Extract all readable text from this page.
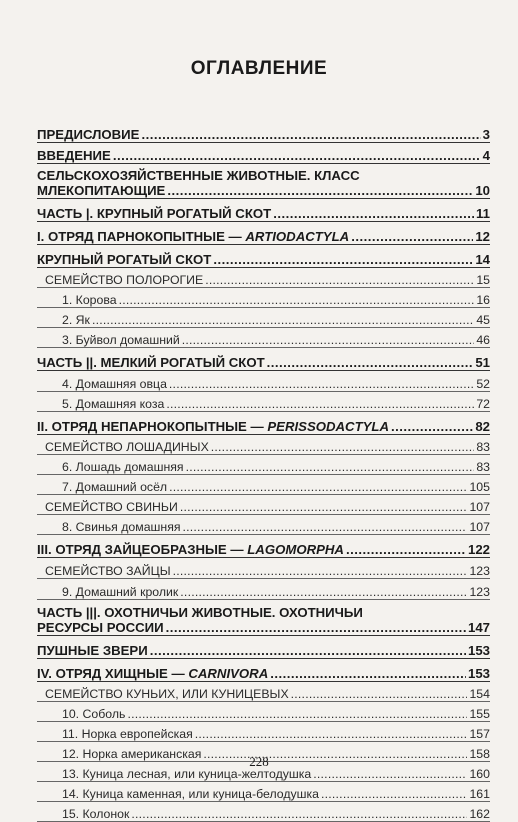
ОГЛАВЛЕНИЕ
ПРЕДИСЛОВИЕ . . .	3
ВВЕДЕНИЕ . . .	4
СЕЛЬСКОХОЗЯЙСТВЕННЫЕ ЖИВОТНЫЕ. КЛАСС
МЛЕКОПИТАЮЩИЕ . . .	10
ЧАСТЬ |. КРУПНЫЙ РОГАТЫЙ СКОТ . . .	11
I. ОТРЯД ПАРНОКОПЫТНЫЕ — ARTIODACTYLA . . .	12
КРУПНЫЙ РОГАТЫЙ СКОТ . . .	14
СЕМЕЙСТВО ПОЛОРОГИЕ . . .	15
1. Корова . . .	16
2. Як . . .	45
3. Буйвол домашний . . .	46
ЧАСТЬ ||. МЕЛКИЙ РОГАТЫЙ СКОТ . . .	51
4. Домашняя овца . . .	52
5. Домашняя коза . . .	72
II. ОТРЯД НЕПАРНОКОПЫТНЫЕ — PERISSODACTYLA . . .	82
СЕМЕЙСТВО ЛОШАДИНЫХ . . .	83
6. Лошадь домашняя . . .	83
7. Домашний осёл . . .	105
СЕМЕЙСТВО СВИНЬИ . . .	107
8. Свинья домашняя . . .	107
III. ОТРЯД ЗАЙЦЕОБРАЗНЫЕ — LAGOMORPHA . . .	122
СЕМЕЙСТВО ЗАЙЦЫ . . .	123
9. Домашний кролик . . .	123
ЧАСТЬ |||. ОХОТНИЧЬИ ЖИВОТНЫЕ. ОХОТНИЧЬИ
РЕСУРСЫ РОССИИ . . .	147
ПУШНЫЕ ЗВЕРИ . . .	153
IV. ОТРЯД ХИЩНЫЕ — CARNIVORA . . .	153
СЕМЕЙСТВО КУНЬИХ, ИЛИ КУНИЦЕВЫХ . . .	154
10. Соболь . . .	155
11. Норка европейская . . .	157
12. Норка американская . . .	158
13. Куница лесная, или куница-желтодушка . . .	160
14. Куница каменная, или куница-белодушка . . .	161
15. Колонок . . .	162
228
